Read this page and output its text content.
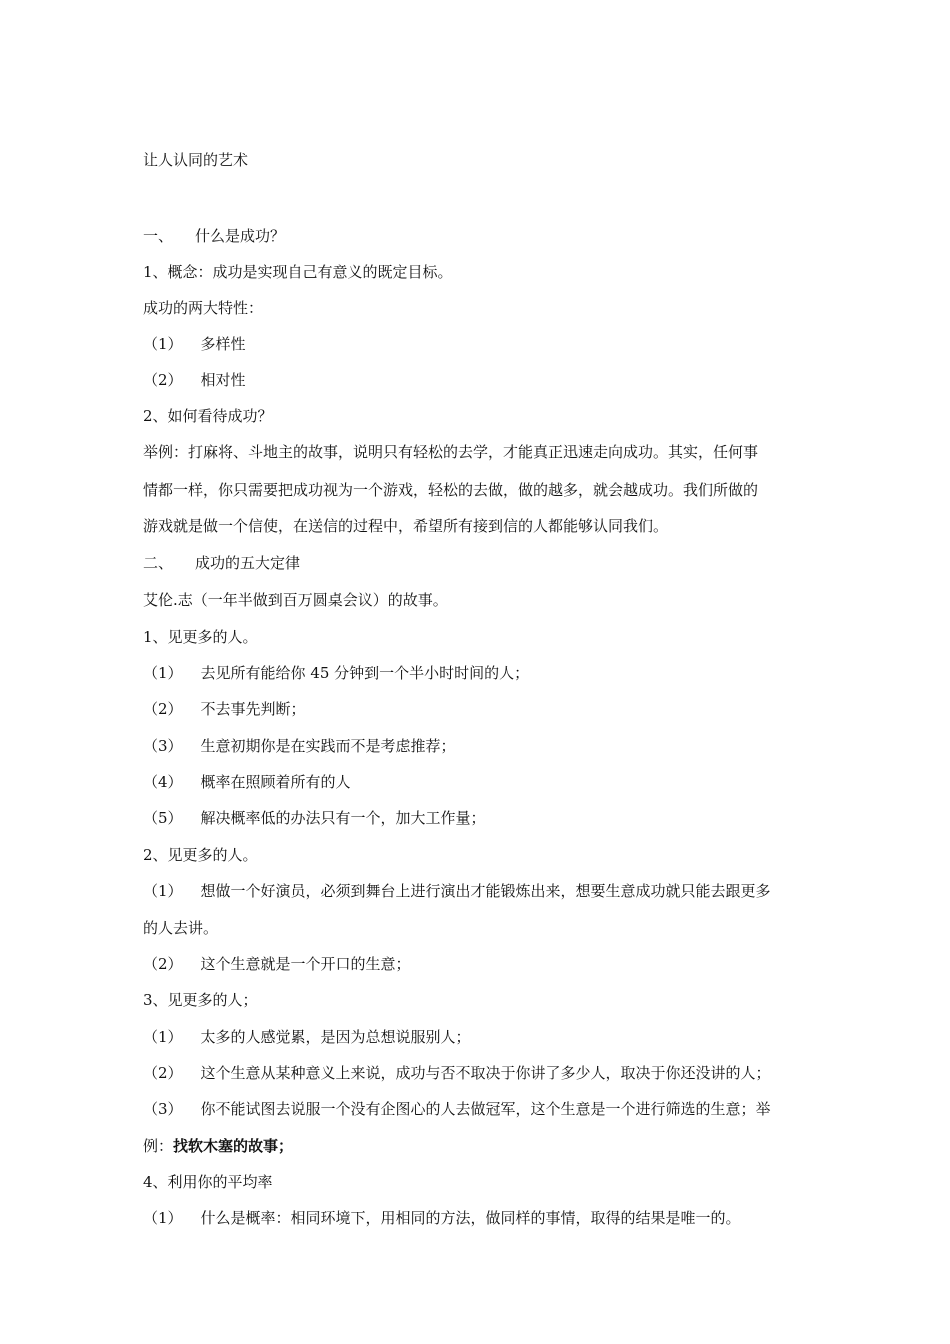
让人认同的艺术
一、 什么是成功？
1、概念：成功是实现自己有意义的既定目标。
成功的两大特性：
（1） 多样性
（2） 相对性
2、如何看待成功？
举例：打麻将、斗地主的故事，说明只有轻松的去学，才能真正迅速走向成功。其实，任何事
情都一样，你只需要把成功视为一个游戏，轻松的去做，做的越多，就会越成功。我们所做的
游戏就是做一个信使，在送信的过程中，希望所有接到信的人都能够认同我们。
二、 成功的五大定律
艾伦.志（一年半做到百万圆桌会议）的故事。
1、见更多的人。
（1） 去见所有能给你 45 分钟到一个半小时时间的人；
（2） 不去事先判断；
（3） 生意初期你是在实践而不是考虑推荐；
（4） 概率在照顾着所有的人
（5） 解决概率低的办法只有一个，加大工作量；
2、见更多的人。
（1） 想做一个好演员，必须到舞台上进行演出才能锻炼出来，想要生意成功就只能去跟更多
的人去讲。
（2） 这个生意就是一个开口的生意；
3、见更多的人；
（1） 太多的人感觉累，是因为总想说服别人；
（2） 这个生意从某种意义上来说，成功与否不取决于你讲了多少人，取决于你还没讲的人；
（3） 你不能试图去说服一个没有企图心的人去做冠军，这个生意是一个进行筛选的生意；举
例：找软木塞的故事；
4、利用你的平均率
（1） 什么是概率：相同环境下，用相同的方法，做同样的事情，取得的结果是唯一的。
